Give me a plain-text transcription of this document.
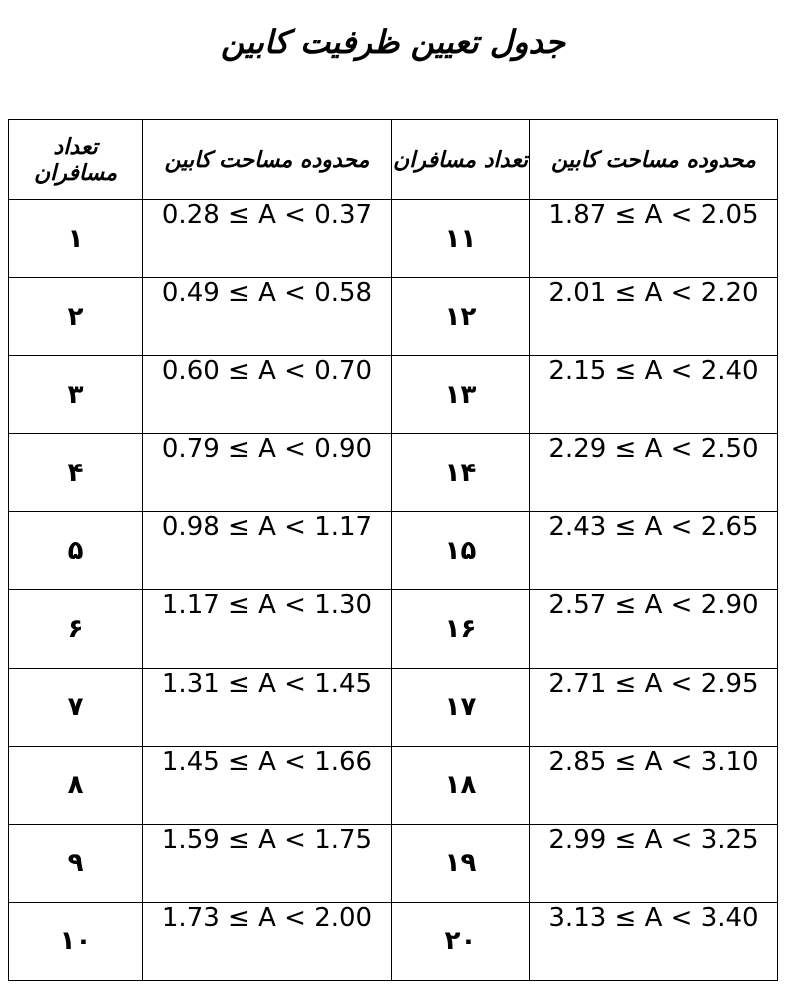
جدول تعیین ظرفیت کابین
تعداد مسافران	محدوده مساحت کابین	تعداد مسافران	محدوده مساحت کابین
۱	0.28 ≤ A < 0.37	۱۱	1.87 ≤ A < 2.05
۲	0.49 ≤ A < 0.58	۱۲	2.01 ≤ A < 2.20
۳	0.60 ≤ A < 0.70	۱۳	2.15 ≤ A < 2.40
۴	0.79 ≤ A < 0.90	۱۴	2.29 ≤ A < 2.50
۵	0.98 ≤ A < 1.17	۱۵	2.43 ≤ A < 2.65
۶	1.17 ≤ A < 1.30	۱۶	2.57 ≤ A < 2.90
۷	1.31 ≤ A < 1.45	۱۷	2.71 ≤ A < 2.95
۸	1.45 ≤ A < 1.66	۱۸	2.85 ≤ A < 3.10
۹	1.59 ≤ A < 1.75	۱۹	2.99 ≤ A < 3.25
۱۰	1.73 ≤ A < 2.00	۲۰	3.13 ≤ A < 3.40
